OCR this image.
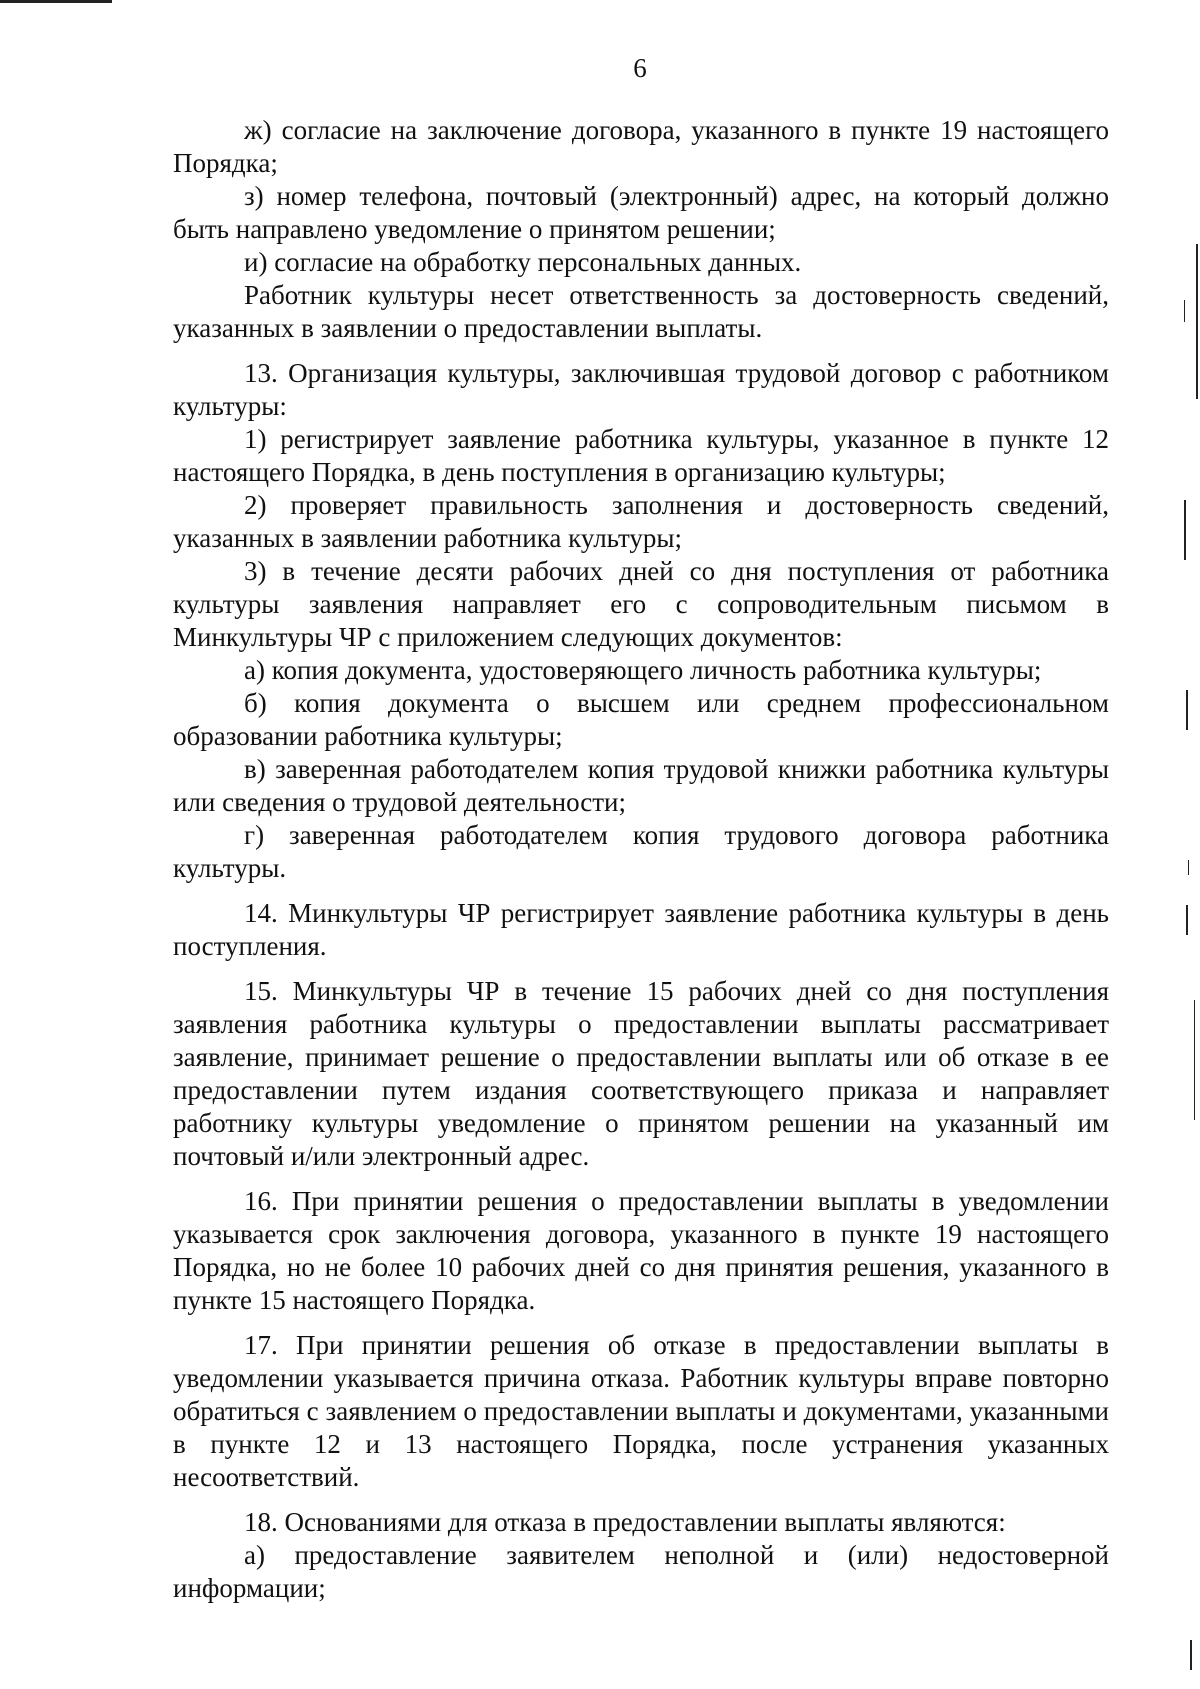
6

ж) согласие на заключение договора, указанного в пункте 19 настоящего Порядка;

з) номер телефона, почтовый (электронный) адрес, на который должно быть направлено уведомление о принятом решении;

и) согласие на обработку персональных данных.

Работник культуры несет ответственность за достоверность сведений, указанных в заявлении о предоставлении выплаты.

13. Организация культуры, заключившая трудовой договор с работником культуры:

1) регистрирует заявление работника культуры, указанное в пункте 12 настоящего Порядка, в день поступления в организацию культуры;

2) проверяет правильность заполнения и достоверность сведений, указанных в заявлении работника культуры;

3) в течение десяти рабочих дней со дня поступления от работника культуры заявления направляет его с сопроводительным письмом в Минкультуры ЧР с приложением следующих документов:

а) копия документа, удостоверяющего личность работника культуры;

б) копия документа о высшем или среднем профессиональном образовании работника культуры;

в) заверенная работодателем копия трудовой книжки работника культуры или сведения о трудовой деятельности;

г) заверенная работодателем копия трудового договора работника культуры.

14. Минкультуры ЧР регистрирует заявление работника культуры в день поступления.

15. Минкультуры ЧР в течение 15 рабочих дней со дня поступления заявления работника культуры о предоставлении выплаты рассматривает заявление, принимает решение о предоставлении выплаты или об отказе в ее предоставлении путем издания соответствующего приказа и направляет работнику культуры уведомление о принятом решении на указанный им почтовый и/или электронный адрес.

16. При принятии решения о предоставлении выплаты в уведомлении указывается срок заключения договора, указанного в пункте 19 настоящего Порядка, но не более 10 рабочих дней со дня принятия решения, указанного в пункте 15 настоящего Порядка.

17. При принятии решения об отказе в предоставлении выплаты в уведомлении указывается причина отказа. Работник культуры вправе повторно обратиться с заявлением о предоставлении выплаты и документами, указанными в пункте 12 и 13 настоящего Порядка, после устранения указанных несоответствий.

18. Основаниями для отказа в предоставлении выплаты являются:

а) предоставление заявителем неполной и (или) недостоверной информации;
